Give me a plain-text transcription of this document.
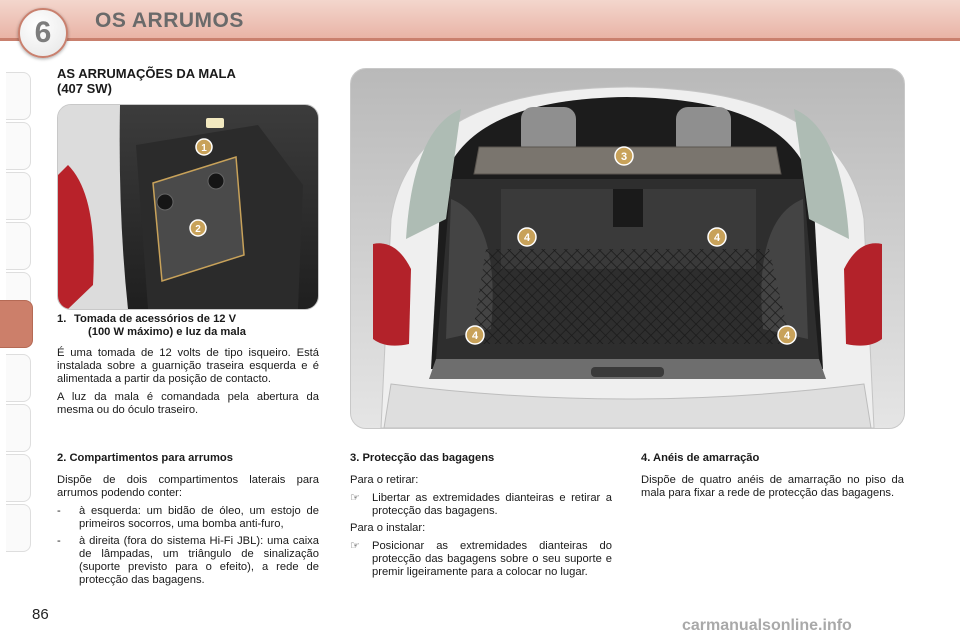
6	OS ARRUMOS
AS ARRUMAÇÕES DA MALA
(407 SW)
1
2
3
4	4
4	4
1. Tomada de acessórios de 12 V
(100 W máximo) e luz da mala

É uma tomada de 12 volts de tipo isqueiro. Está instalada sobre a guarnição traseira esquerda e é alimentada a partir da posição de contacto.

A luz da mala é comandada pela abertura da mesma ou do óculo traseiro.

2. Compartimentos para arrumos

Dispõe de dois compartimentos laterais para arrumos podendo conter:

-	à esquerda: um bidão de óleo, um estojo de primeiros socorros, uma bomba anti-furo,
-	à direita (fora do sistema Hi-Fi JBL): uma caixa de lâmpadas, um triângulo de sinalização (suporte previsto para o efeito), a rede de protecção das bagagens.
3. Protecção das bagagens

Para o retirar:

☞	Libertar as extremidades dianteiras e retirar a protecção das bagagens.

Para o instalar:

☞	Posicionar as extremidades dianteiras do protecção das bagagens sobre o seu suporte e premir ligeiramente para a colocar no lugar.
4. Anéis de amarração

Dispõe de quatro anéis de amarração no piso da mala para fixar a rede de protecção das bagagens.

86
carmanualsonline.info
